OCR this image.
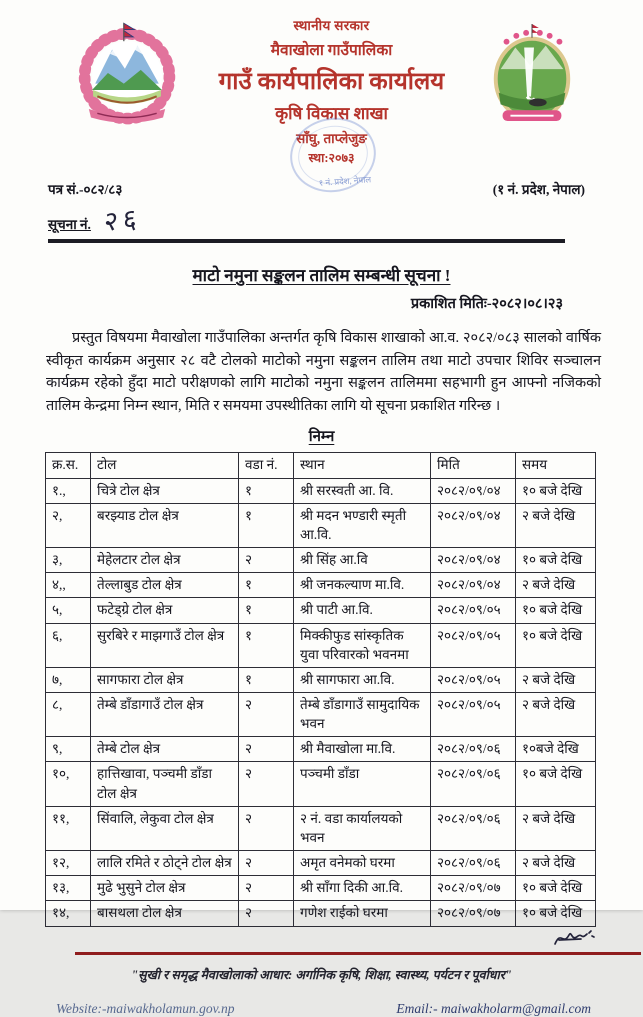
स्थानीय सरकार
मैवाखोला गाउँपालिका
गाउँ कार्यपालिका कार्यालय
कृषि विकास शाखा
साँघु, ताप्लेजुङ
स्था:२०७३
१ नं. प्रदेश, नेपाल
पत्र सं.-०८२/८३	(१ नं. प्रदेश, नेपाल)
सूचना नं. २६
माटो नमुना सङ्कलन तालिम सम्बन्धी सूचना !
प्रकाशित मितिः-२०८२।०८।२३

प्रस्तुत विषयमा मैवाखोला गाउँपालिका अन्तर्गत कृषि विकास शाखाको आ.व. २०८२/०८३ सालको वार्षिक स्वीकृत कार्यक्रम अनुसार २८ वटै टोलको माटोको नमुना सङ्कलन तालिम तथा माटो उपचार शिविर सञ्चालन कार्यक्रम रहेको हुँदा माटो परीक्षणको लागि माटोको नमुना सङ्कलन तालिममा सहभागी हुन आफ्नो नजिकको तालिम केन्द्रमा निम्न स्थान, मिति र समयमा उपस्थीतिका लागि यो सूचना प्रकाशित गरिन्छ ।

निम्न
क्र.स.	टोल	वडा नं.	स्थान	मिति	समय
१.,	चित्रे टोल क्षेत्र	१	श्री सरस्वती आ. वि.	२०८२/०९/०४	१० बजे देखि
२,	बरझ्याड टोल क्षेत्र	१	श्री मदन भण्डारी स्मृती आ.वि.	२०८२/०९/०४	२ बजे देखि
३,	मेहेलटार टोल क्षेत्र	२	श्री सिंह आ.वि	२०८२/०९/०४	१० बजे देखि
४,,	तेल्लाबुड टोल क्षेत्र	१	श्री जनकल्याण मा.वि.	२०८२/०९/०४	२ बजे देखि
५,	फटेड्ग्रे टोल क्षेत्र	१	श्री पाटी आ.वि.	२०८२/०९/०५	१० बजे देखि
६,	सुरबिरे र माझगाउँ टोल क्षेत्र	१	मिक्कीफुड सांस्कृतिक युवा परिवारको भवनमा	२०८२/०९/०५	१० बजे देखि
७,	सागफारा टोल क्षेत्र	१	श्री सागफारा आ.वि.	२०८२/०९/०५	२ बजे देखि
८,	तेम्बे डाँडागाउँ टोल क्षेत्र	२	तेम्बे डाँडागाउँ सामुदायिक भवन	२०८२/०९/०५	२ बजे देखि
९,	तेम्बे टोल क्षेत्र	२	श्री मैवाखोला मा.वि.	२०८२/०९/०६	१०बजे देखि
१०,	हात्तिखावा, पञ्चमी डाँडा टोल क्षेत्र	२	पञ्चमी डाँडा	२०८२/०९/०६	१० बजे देखि
११,	सिंवालि, लेकुवा टोल क्षेत्र	२	२ नं. वडा कार्यालयको भवन	२०८२/०९/०६	२ बजे देखि
१२,	लालि रमिते र ठोट्ने टोल क्षेत्र	२	अमृत वनेमको घरमा	२०८२/०९/०६	२ बजे देखि
१३,	मुढे भुसुने टोल क्षेत्र	२	श्री साँगा दिकी आ.वि.	२०८२/०९/०७	१० बजे देखि
१४,	बासथला टोल क्षेत्र	२	गणेश राईको घरमा	२०८२/०९/०७	१० बजे देखि
"सुखी र समृद्ध मैवाखोलाको आधार: अर्गानिक कृषि, शिक्षा, स्वास्थ्य, पर्यटन र पूर्वाधार"
Website:-maiwakholamun.gov.np	Email:- maiwakholarm@gmail.com
